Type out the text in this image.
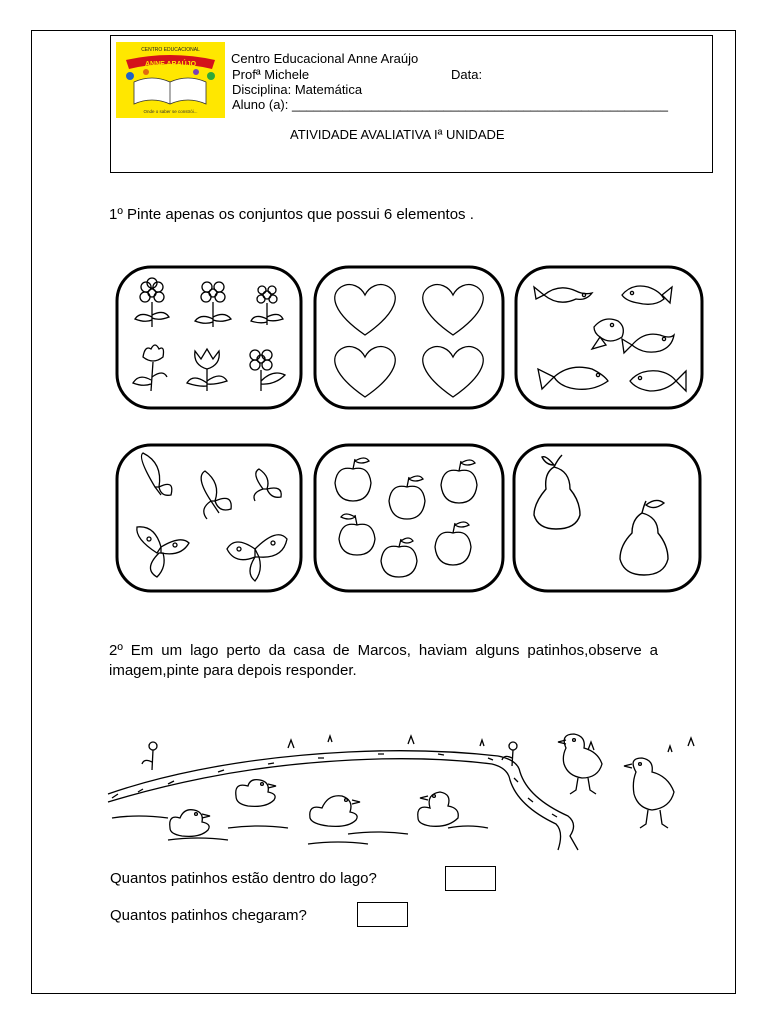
CENTRO EDUCACIONAL
ANNE ARAÚJO
Onde o saber se constrói...
Centro Educacional Anne Araújo
Profª Michele	Data:
Disciplina: Matemática
Aluno (a): ____________________________________________________
ATIVIDADE AVALIATIVA Iª UNIDADE
1º Pinte apenas os conjuntos que possui 6 elementos .
2º Em um lago perto da casa de Marcos, haviam alguns patinhos,observe a imagem,pinte para depois responder.
Quantos patinhos estão dentro do lago?
Quantos patinhos chegaram?
